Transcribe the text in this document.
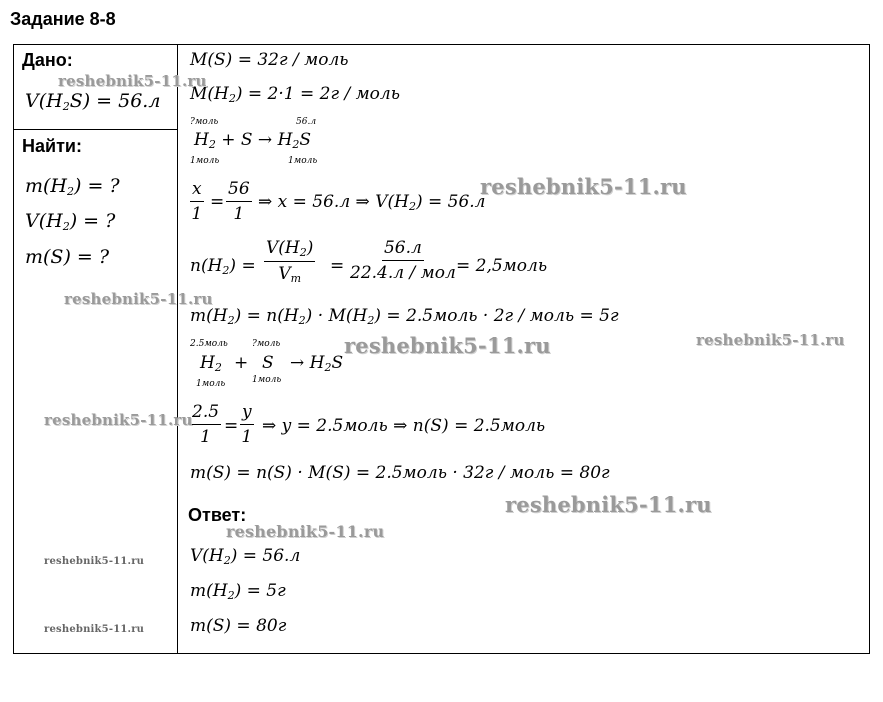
Задание 8-8
Дано:
$V(H_2S) = 56.л$
Найти:
$m(H_2)$ = ?
$V(H_2)$ = ?
m(S) = ?
M(S) = 32г / моль
$M(H_2) = 2\cdot 1 = 2г$ / моль
?моль	56.л
$H_2 + S \to H_2S$
1моль	1моль
$\frac{x}{1} = \frac{56}{1}$ ⇒ x = 56.л ⇒ $V(H_2) = 56.л$
$n(H_2) = \frac{V(H_2)}{V_m}$ =
56.л
22.4.л / мол = 2,5моль
$m(H_2) = n(H_2) \cdot M(H_2)$ = 2.5моль · 2г / моль = 5г
2.5моль	?моль
$H_2 + S \to H_2S$
1моль	1моль
$\frac{2.5}{1} = \frac{y}{1}$ ⇒ y = 2.5моль ⇒ n(S) = 2.5моль
m(S) = n(S) · M(S) = 2.5моль · 32г / моль = 80г
Ответ:
$V(H_2) = 56.л$
$m(H_2) = 5г$
m(S) = 80г
reshebnik5-11.ru
reshebnik5-11.ru
reshebnik5-11.ru
reshebnik5-11.ru	reshebnik5-11.ru
reshebnik5-11.ru
reshebnik5-11.ru
reshebnik5-11.ru
reshebnik5-11.ru
reshebnik5-11.ru
